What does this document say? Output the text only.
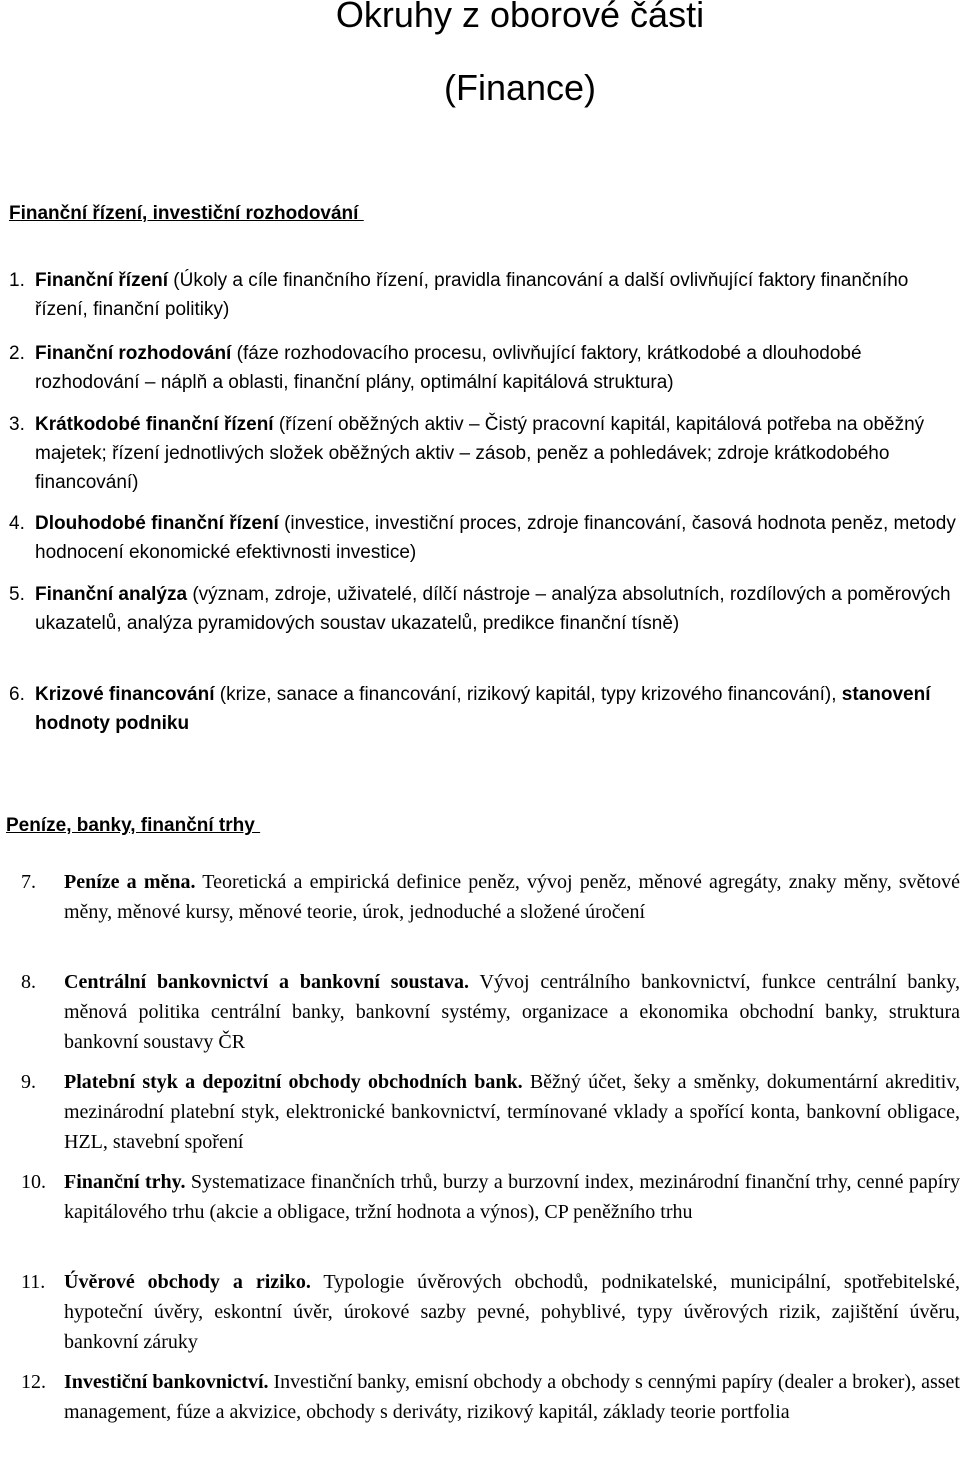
Okruhy z oborové části
(Finance)
Finanční řízení, investiční rozhodování
1. Finanční řízení (Úkoly a cíle finančního řízení, pravidla financování a další ovlivňující faktory finančního řízení, finanční politiky)
2. Finanční rozhodování (fáze rozhodovacího procesu, ovlivňující faktory, krátkodobé a dlouhodobé rozhodování – náplň a oblasti, finanční plány, optimální kapitálová struktura)
3. Krátkodobé finanční řízení (řízení oběžných aktiv – Čistý pracovní kapitál, kapitálová potřeba na oběžný majetek; řízení jednotlivých složek oběžných aktiv – zásob, peněz a pohledávek; zdroje krátkodobého financování)
4. Dlouhodobé finanční řízení (investice, investiční proces, zdroje financování, časová hodnota peněz, metody hodnocení ekonomické efektivnosti investice)
5. Finanční analýza (význam, zdroje, uživatelé, dílčí nástroje – analýza absolutních, rozdílových a poměrových ukazatelů, analýza pyramidových soustav ukazatelů, predikce finanční tísně)
6. Krizové financování (krize, sanace a financování, rizikový kapitál, typy krizového financování), stanovení hodnoty podniku
Peníze, banky, finanční trhy
7.	Peníze a měna. Teoretická a empirická definice peněz, vývoj peněz, měnové agregáty, znaky měny, světové měny, měnové kursy, měnové teorie, úrok, jednoduché a složené úročení
8.	Centrální bankovnictví a bankovní soustava. Vývoj centrálního bankovnictví, funkce centrální banky, měnová politika centrální banky, bankovní systémy, organizace a ekonomika obchodní banky, struktura bankovní soustavy ČR
9.	Platební styk a depozitní obchody obchodních bank. Běžný účet, šeky a směnky, dokumentární akreditiv, mezinárodní platební styk, elektronické bankovnictví, termínované vklady a spořící konta, bankovní obligace, HZL, stavební spoření
10. Finanční trhy. Systematizace finančních trhů, burzy a burzovní index, mezinárodní finanční trhy, cenné papíry kapitálového trhu (akcie a obligace, tržní hodnota a výnos), CP peněžního trhu
11. Úvěrové obchody a riziko. Typologie úvěrových obchodů, podnikatelské, municipální, spotřebitelské, hypoteční úvěry, eskontní úvěr, úrokové sazby pevné, pohyblivé, typy úvěrových rizik, zajištění úvěru, bankovní záruky
12. Investiční bankovnictví. Investiční banky, emisní obchody a obchody s cennými papíry (dealer a broker), asset management, fúze a akvizice, obchody s deriváty, rizikový kapitál, základy teorie portfolia
